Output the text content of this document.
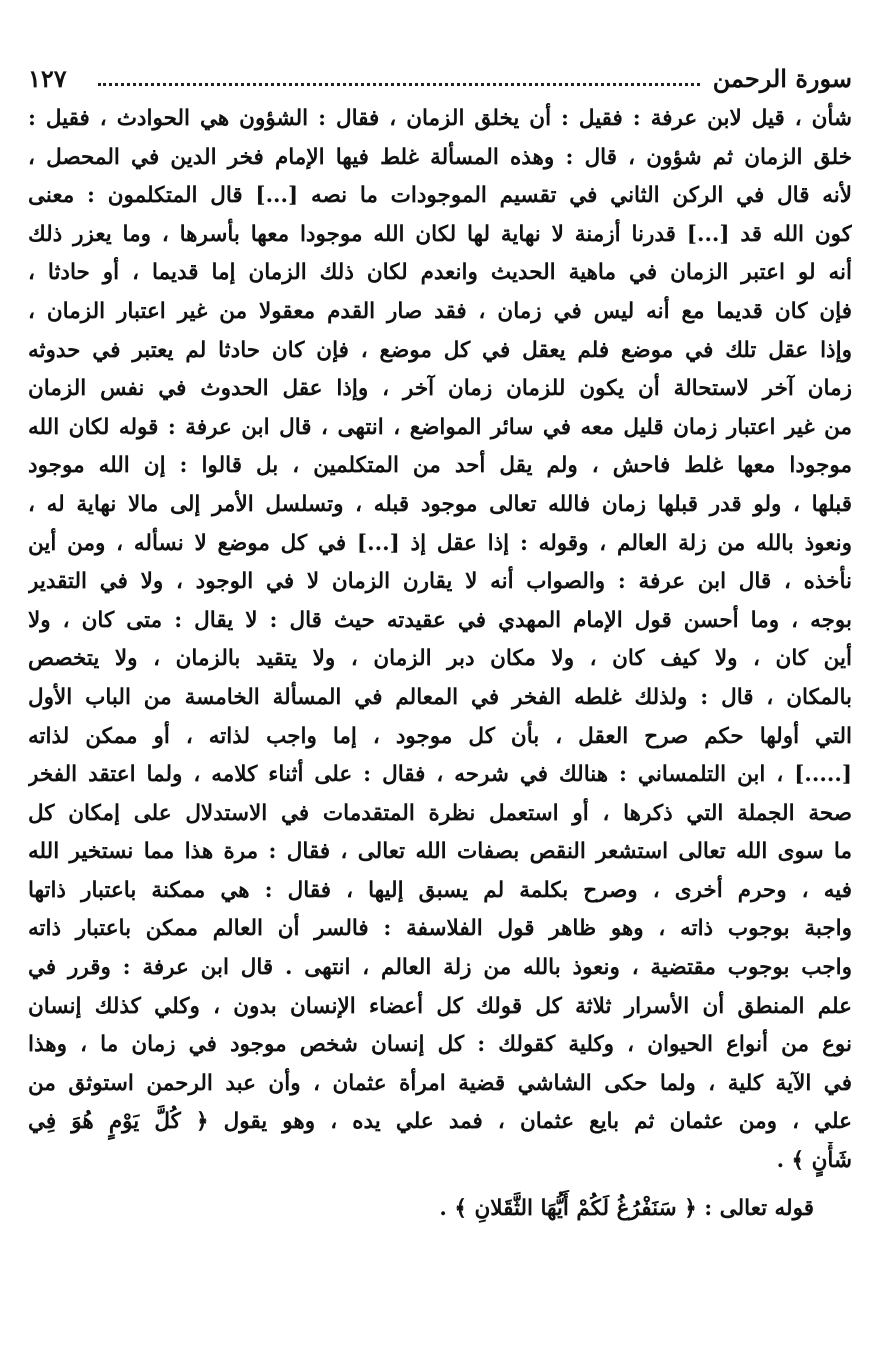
سورة الرحمن
١٢٧
شأن ، قيل لابن عرفة : فقيل : أن يخلق الزمان ، فقال : الشؤون هي الحوادث ، فقيل :
خلق الزمان ثم شؤون ، قال : وهذه المسألة غلط فيها الإمام فخر الدين في المحصل ،
لأنه قال في الركن الثاني في تقسيم الموجودات ما نصه [...] قال المتكلمون : معنى
كون الله قد [...] قدرنا أزمنة لا نهاية لها لكان الله موجودا معها بأسرها ، وما يعزر ذلك
أنه لو اعتبر الزمان في ماهية الحديث وانعدم لكان ذلك الزمان إما قديما ، أو حادثا ،
فإن كان قديما مع أنه ليس في زمان ، فقد صار القدم معقولا من غير اعتبار الزمان ،
وإذا عقل تلك في موضع فلم يعقل في كل موضع ، فإن كان حادثا لم يعتبر في حدوثه
زمان آخر لاستحالة أن يكون للزمان زمان آخر ، وإذا عقل الحدوث في نفس الزمان
من غير اعتبار زمان قليل معه في سائر المواضع ، انتهى ، قال ابن عرفة : قوله لكان الله
موجودا معها غلط فاحش ، ولم يقل أحد من المتكلمين ، بل قالوا : إن الله موجود
قبلها ، ولو قدر قبلها زمان فالله تعالى موجود قبله ، وتسلسل الأمر إلى مالا نهاية له ،
ونعوذ بالله من زلة العالم ، وقوله : إذا عقل إذ [...] في كل موضع لا نسأله ، ومن أين
نأخذه ، قال ابن عرفة : والصواب أنه لا يقارن الزمان لا في الوجود ، ولا في التقدير
بوجه ، وما أحسن قول الإمام المهدي في عقيدته حيث قال : لا يقال : متى كان ، ولا
أين كان ، ولا كيف كان ، ولا مكان دبر الزمان ، ولا يتقيد بالزمان ، ولا يتخصص
بالمكان ، قال : ولذلك غلطه الفخر في المعالم في المسألة الخامسة من الباب الأول
التي أولها حكم صرح العقل ، بأن كل موجود ، إما واجب لذاته ، أو ممكن لذاته
[.....] ، ابن التلمساني : هنالك في شرحه ، فقال : على أثناء كلامه ، ولما اعتقد الفخر
صحة الجملة التي ذكرها ، أو استعمل نظرة المتقدمات في الاستدلال على إمكان كل
ما سوى الله تعالى استشعر النقص بصفات الله تعالى ، فقال : مرة هذا مما نستخير الله
فيه ، وحرم أخرى ، وصرح بكلمة لم يسبق إليها ، فقال : هي ممكنة باعتبار ذاتها
واجبة بوجوب ذاته ، وهو ظاهر قول الفلاسفة : فالسر أن العالم ممكن باعتبار ذاته
واجب بوجوب مقتضية ، ونعوذ بالله من زلة العالم ، انتهى . قال ابن عرفة : وقرر في
علم المنطق أن الأسرار ثلاثة كل قولك كل أعضاء الإنسان بدون ، وكلي كذلك إنسان
نوع من أنواع الحيوان ، وكلية كقولك : كل إنسان شخص موجود في زمان ما ، وهذا
في الآية كلية ، ولما حكى الشاشي قضية امرأة عثمان ، وأن عبد الرحمن استوثق من
علي ، ومن عثمان ثم بايع عثمان ، فمد علي يده ، وهو يقول ﴿ كُلَّ يَوْمٍ هُوَ فِي
شَأْنٍ ﴾ .
قوله تعالى : ﴿ سَنَفْرُغُ لَكُمْ أَيُّهَا الثَّقَلانِ ﴾ .
